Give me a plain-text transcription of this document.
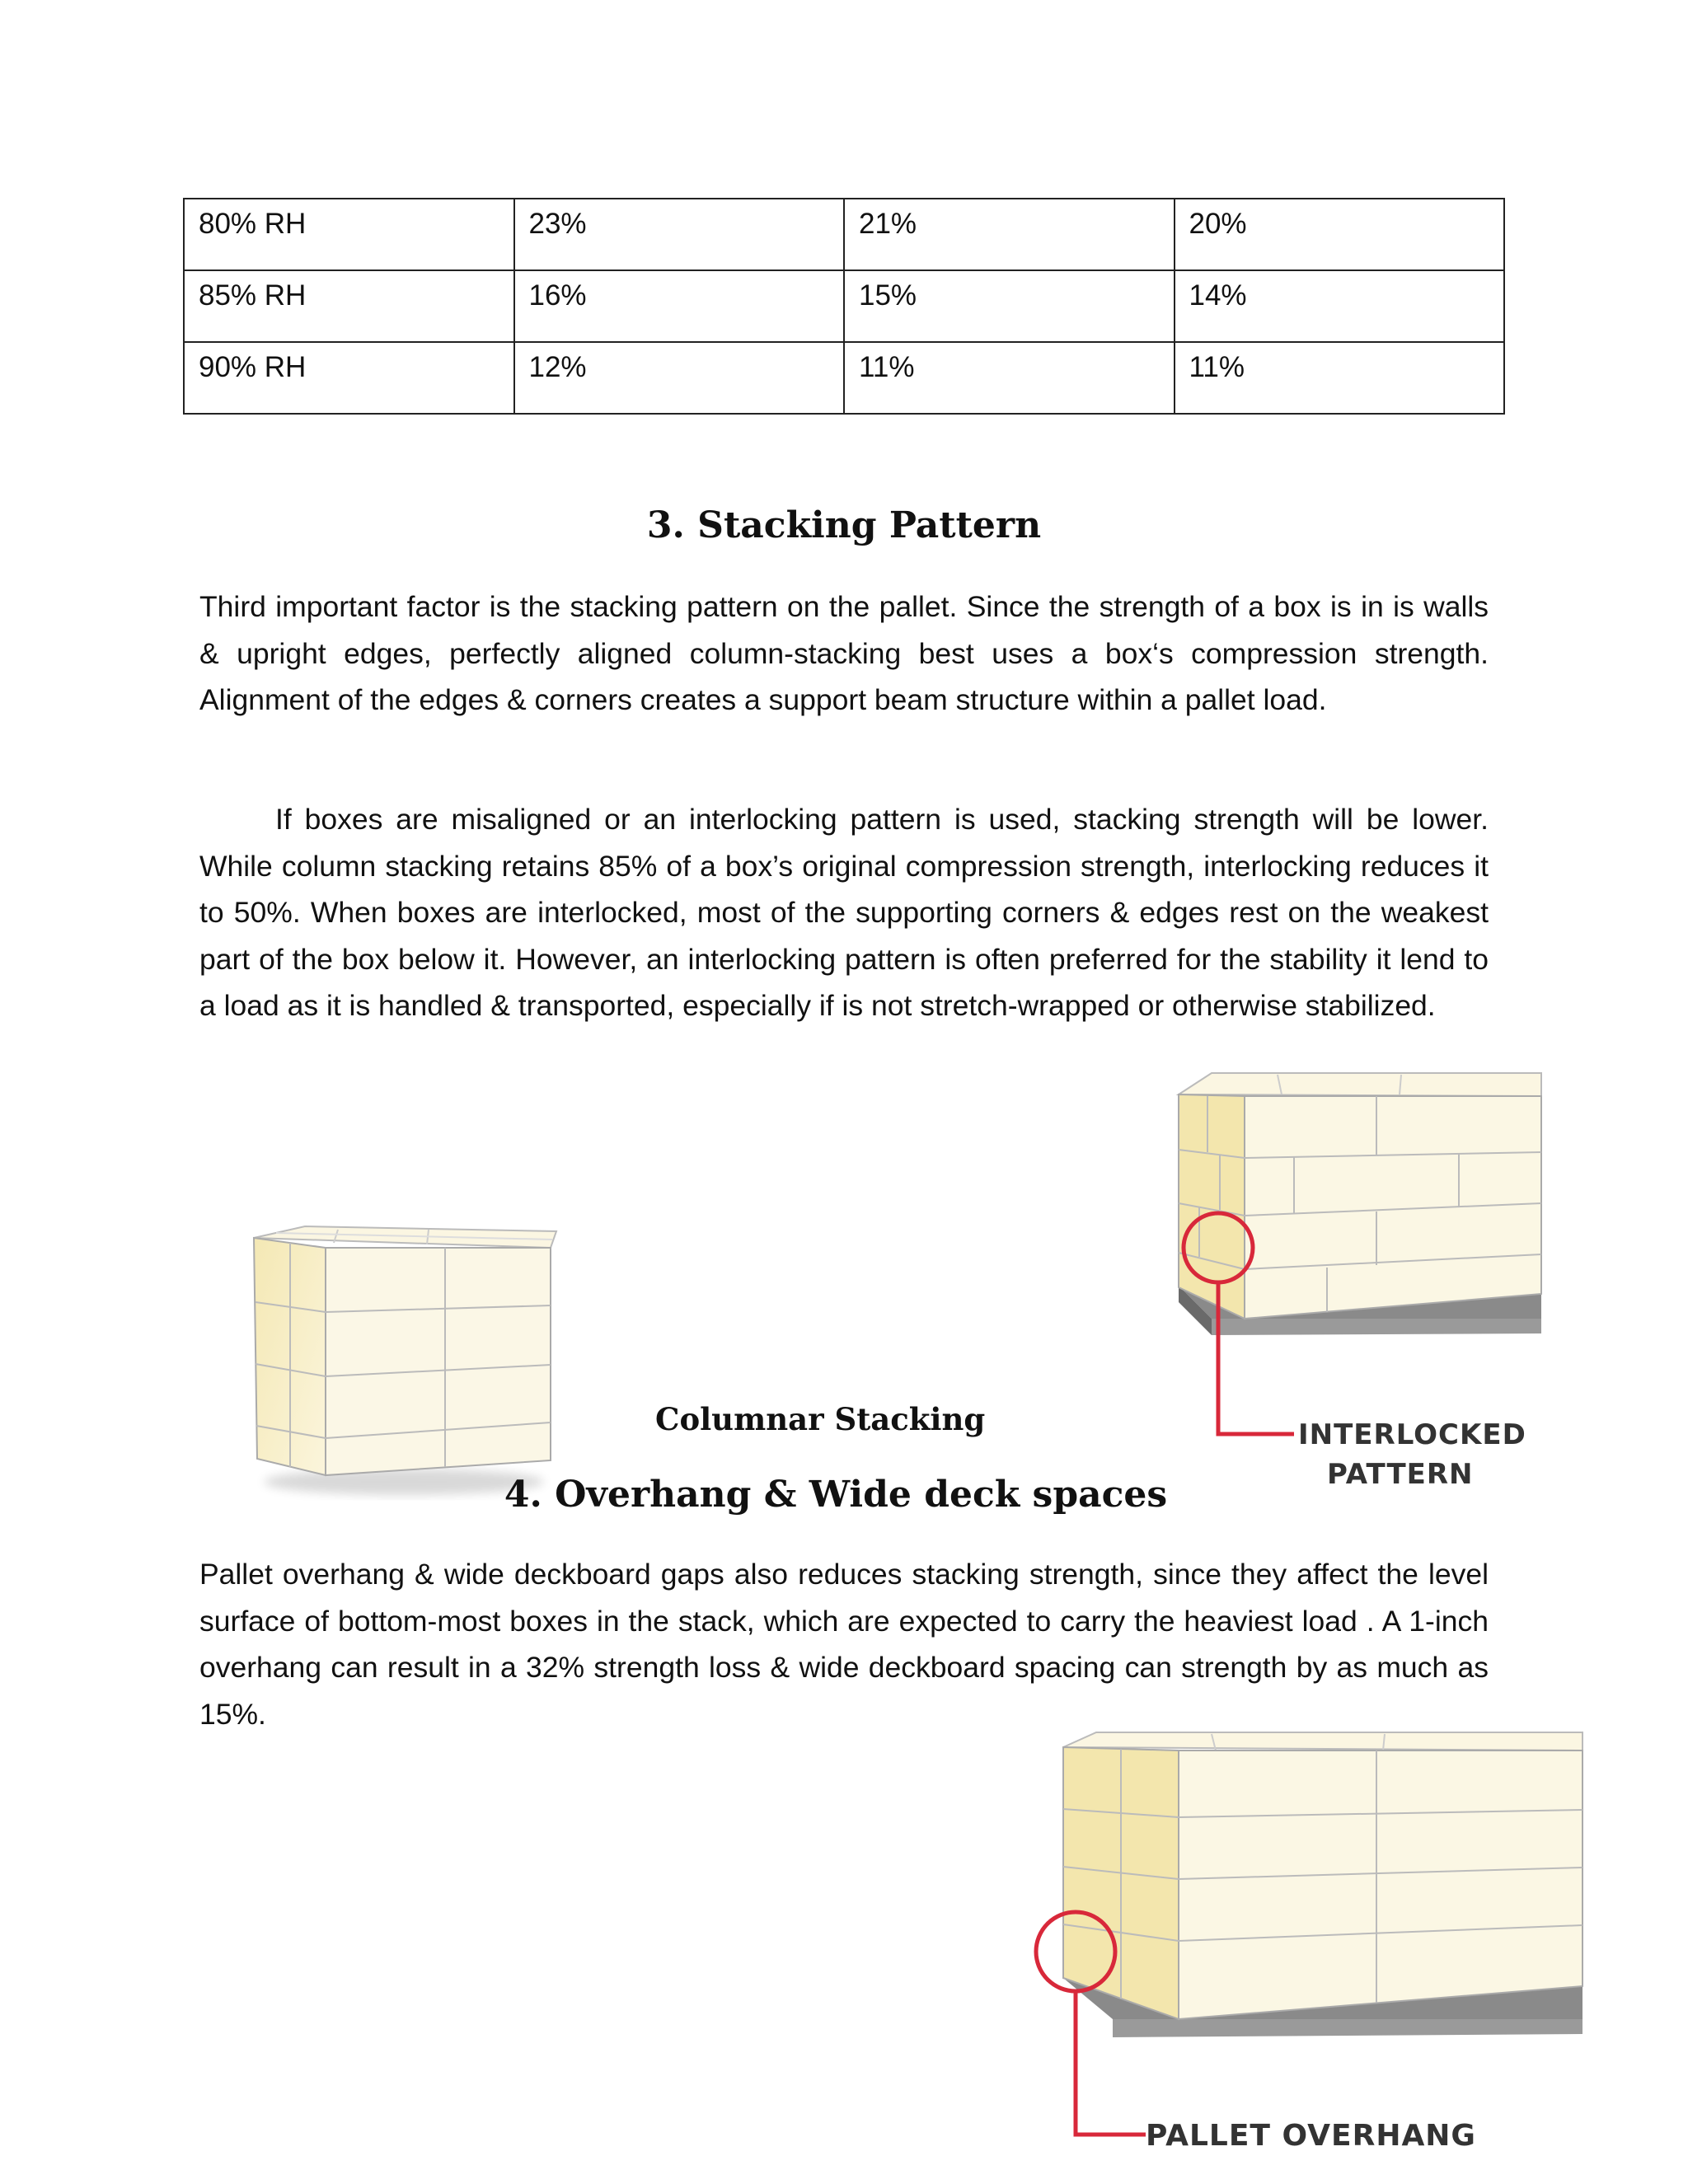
80% RH	23%	21%	20%
85% RH	16%	15%	14%
90% RH	12%	11%	11%
3. Stacking Pattern

Third important factor is the stacking pattern on the pallet. Since the strength of a box is in is walls & upright edges, perfectly aligned column-stacking best uses a box‘s compression strength. Alignment of the edges & corners creates a support beam structure within a pallet load.

If boxes are misaligned or an interlocking pattern is used, stacking strength will be lower. While column stacking retains 85% of a box’s original compression strength, interlocking reduces it to 50%. When boxes are interlocked, most of the supporting corners & edges rest on the weakest part of the box below it. However, an interlocking pattern is often preferred for the stability it lend to a load as it is handled & transported, especially if is not stretch-wrapped or otherwise stabilized.

Columnar Stacking	INTERLOCKED
PATTERN
4. Overhang & Wide deck spaces

Pallet overhang & wide deckboard gaps also reduces stacking strength, since they affect the level surface of bottom-most boxes in the stack, which are expected to carry the heaviest load . A 1-inch overhang can result in a 32% strength loss & wide deckboard spacing can strength by as much as 15%.

PALLET OVERHANG
